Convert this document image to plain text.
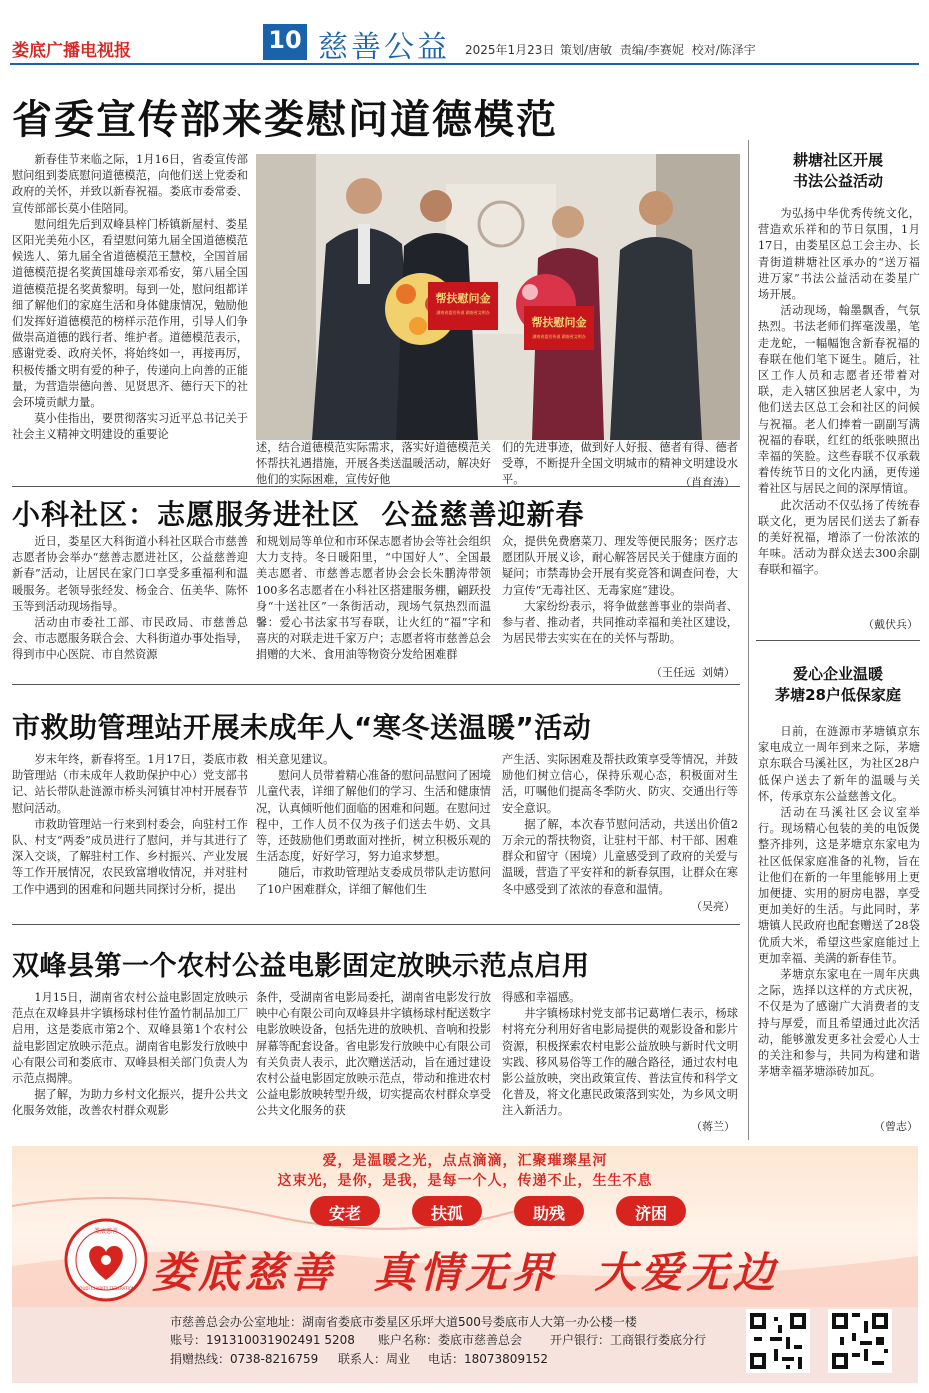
娄底广播电视报	10 慈善公益 2025年1月23日 策划/唐敏 责编/李赛妮 校对/陈泽宇
省委宣传部来娄慰问道德模范

新春佳节来临之际，1月16日，省委宣传部慰问组到娄底慰问道德模范，向他们送上党委和政府的关怀，并致以新春祝福。娄底市委常委、宣传部部长莫小佳陪同。

慰问组先后到双峰县梓门桥镇新屋村、娄星区阳光美苑小区，看望慰问第九届全国道德模范候选人、第九届全省道德模范王慧校，全国首届道德模范提名奖黄国雄母亲邓希安，第八届全国道德模范提名奖黄黎明。每到一处，慰问组都详细了解他们的家庭生活和身体健康情况，勉励他们发挥好道德模范的榜样示范作用，引导人们争做崇高道德的践行者、维护者。道德模范表示，感谢党委、政府关怀，将始终如一，再接再厉，积极传播文明有爱的种子，传递向上向善的正能量，为营造崇德向善、见贤思齐、德行天下的社会环境贡献力量。

莫小佳指出，要贯彻落实习近平总书记关于社会主义精神文明建设的重要论

帮扶慰问金
湖南省委宣传部 湖南省文明办
帮扶慰问金
湖南省委宣传部 湖南省文明办
述，结合道德模范实际需求，落实好道德模范关怀帮扶礼遇措施，开展各类送温暖活动，解决好他们的实际困难，宣传好他
们的先进事迹，做到好人好报、德者有得、德者受尊，不断提升全国文明城市的精神文明建设水平。	（肖育涛）
小科社区：志愿服务进社区  公益慈善迎新春

近日，娄星区大科街道小科社区联合市慈善志愿者协会举办“慈善志愿进社区，公益慈善迎新春”活动，让居民在家门口享受多重福利和温暖服务。老领导张经发、杨金合、伍美华、陈怀玉等到活动现场指导。

活动由市委社工部、市民政局、市慈善总会、市志愿服务联合会、大科街道办事处指导，得到市中心医院、市自然资源

和规划局等单位和市环保志愿者协会等社会组织大力支持。冬日暖阳里，“中国好人”、全国最美志愿者、市慈善志愿者协会会长朱鹏涛带领100多名志愿者在小科社区搭建服务棚，翩跃投身“十送社区”一条街活动，现场气氛热烈而温馨：爱心书法家书写春联，让火红的“福”字和喜庆的对联走进千家万户；志愿者将市慈善总会捐赠的大米、食用油等物资分发给困难群
众，提供免费磨菜刀、理发等便民服务；医疗志愿团队开展义诊，耐心解答居民关于健康方面的疑问；市禁毒协会开展有奖竞答和调查问卷，大力宣传“无毒社区、无毒家庭”建设。

大家纷纷表示，将争做慈善事业的崇尚者、参与者、推动者，共同推动幸福和美社区建设，为居民带去实实在在的关怀与帮助。

（王任远  刘婧）
市救助管理站开展未成年人“寒冬送温暖”活动

岁末年终，新春将至。1月17日，娄底市救助管理站（市未成年人救助保护中心）党支部书记、站长带队赴涟源市桥头河镇甘冲村开展春节慰问活动。

市救助管理站一行来到村委会，向驻村工作队、村支“两委”成员进行了慰问，并与其进行了深入交谈，了解驻村工作、乡村振兴、产业发展等工作开展情况，农民致富增收情况，并对驻村工作中遇到的困难和问题共同探讨分析，提出

相关意见建议。

慰问人员带着精心准备的慰问品慰问了困境儿童代表，详细了解他们的学习、生活和健康情况，认真倾听他们面临的困难和问题。在慰问过程中，工作人员不仅为孩子们送去牛奶、文具等，还鼓励他们勇敢面对挫折，树立积极乐观的生活态度，好好学习，努力追求梦想。

随后，市救助管理站支委成员带队走访慰问了10户困难群众，详细了解他们生

产生活、实际困难及帮扶政策享受等情况，并鼓励他们树立信心，保持乐观心态，积极面对生活，叮嘱他们提高冬季防火、防灾、交通出行等安全意识。

据了解，本次春节慰问活动，共送出价值2万余元的帮扶物资，让驻村干部、村干部、困难群众和留守（困境）儿童感受到了政府的关爱与温暖，营造了平安祥和的新春氛围，让群众在寒冬中感受到了浓浓的春意和温情。

（吴亮）
双峰县第一个农村公益电影固定放映示范点启用

1月15日，湖南省农村公益电影固定放映示范点在双峰县井字镇杨球村佳竹盈竹制品加工厂启用，这是娄底市第2个、双峰县第1个农村公益电影固定放映示范点。湖南省电影发行放映中心有限公司和娄底市、双峰县相关部门负责人为示范点揭牌。

据了解，为助力乡村文化振兴，提升公共文化服务效能，改善农村群众观影

条件，受湖南省电影局委托，湖南省电影发行放映中心有限公司向双峰县井字镇杨球村配送数字电影放映设备，包括先进的放映机、音响和投影屏幕等配套设备。省电影发行放映中心有限公司有关负责人表示，此次赠送活动，旨在通过建设农村公益电影固定放映示范点，带动和推进农村公益电影放映转型升级，切实提高农村群众享受公共文化服务的获
得感和幸福感。

井字镇杨球村党支部书记葛增仁表示，杨球村将充分利用好省电影局提供的观影设备和影片资源，积极探索农村电影公益放映与新时代文明实践、移风易俗等工作的融合路径，通过农村电影公益放映，突出政策宣传、普法宣传和科学文化普及，将文化惠民政策落到实处，为乡风文明注入新活力。

（蒋兰）
耕塘社区开展
书法公益活动

为弘扬中华优秀传统文化，营造欢乐祥和的节日氛围，1月17日，由娄星区总工会主办、长青街道耕塘社区承办的“送万福进万家”书法公益活动在娄星广场开展。

活动现场，翰墨飘香，气氛热烈。书法老师们挥毫泼墨，笔走龙蛇，一幅幅饱含新春祝福的春联在他们笔下诞生。随后，社区工作人员和志愿者还带着对联，走入辖区独居老人家中，为他们送去区总工会和社区的问候与祝福。老人们捧着一副副写满祝福的春联，红红的纸张映照出幸福的笑脸。这些春联不仅承载着传统节日的文化内涵，更传递着社区与居民之间的深厚情谊。

此次活动不仅弘扬了传统春联文化，更为居民们送去了新春的美好祝福，增添了一份浓浓的年味。活动为群众送去300余副春联和福字。

（戴伏兵）
爱心企业温暖
茅塘28户低保家庭

日前，在涟源市茅塘镇京东家电成立一周年到来之际，茅塘京东联合马溪社区，为社区28户低保户送去了新年的温暖与关怀，传承京东公益慈善文化。

活动在马溪社区会议室举行。现场精心包装的美的电饭煲整齐排列，这是茅塘京东家电为社区低保家庭准备的礼物，旨在让他们在新的一年里能够用上更加便捷、实用的厨房电器，享受更加美好的生活。与此同时，茅塘镇人民政府也配套赠送了28袋优质大米，希望这些家庭能过上更加幸福、美满的新春佳节。

茅塘京东家电在一周年庆典之际，选择以这样的方式庆祝，不仅是为了感谢广大消费者的支持与厚爱，而且希望通过此次活动，能够激发更多社会爱心人士的关注和参与，共同为构建和谐茅塘幸福茅塘添砖加瓦。

（曾志）
爱，是温暖之光，点点滴滴，汇聚璀璨星河
这束光，是你，是我，是每一个人，传递不止，生生不息
安老	扶孤	助残	济困
娄底慈善
LOUDI CHARITY FEDERATION 娄底慈善  真情无界  大爱无边
市慈善总会办公室地址：湖南省娄底市娄星区乐坪大道500号娄底市人大第一办公楼一楼
账号：191310031902491 5208 账户名称：娄底市慈善总会 开户银行：工商银行娄底分行
捐赠热线：0738-8216759 联系人：周业 电话：18073809152
